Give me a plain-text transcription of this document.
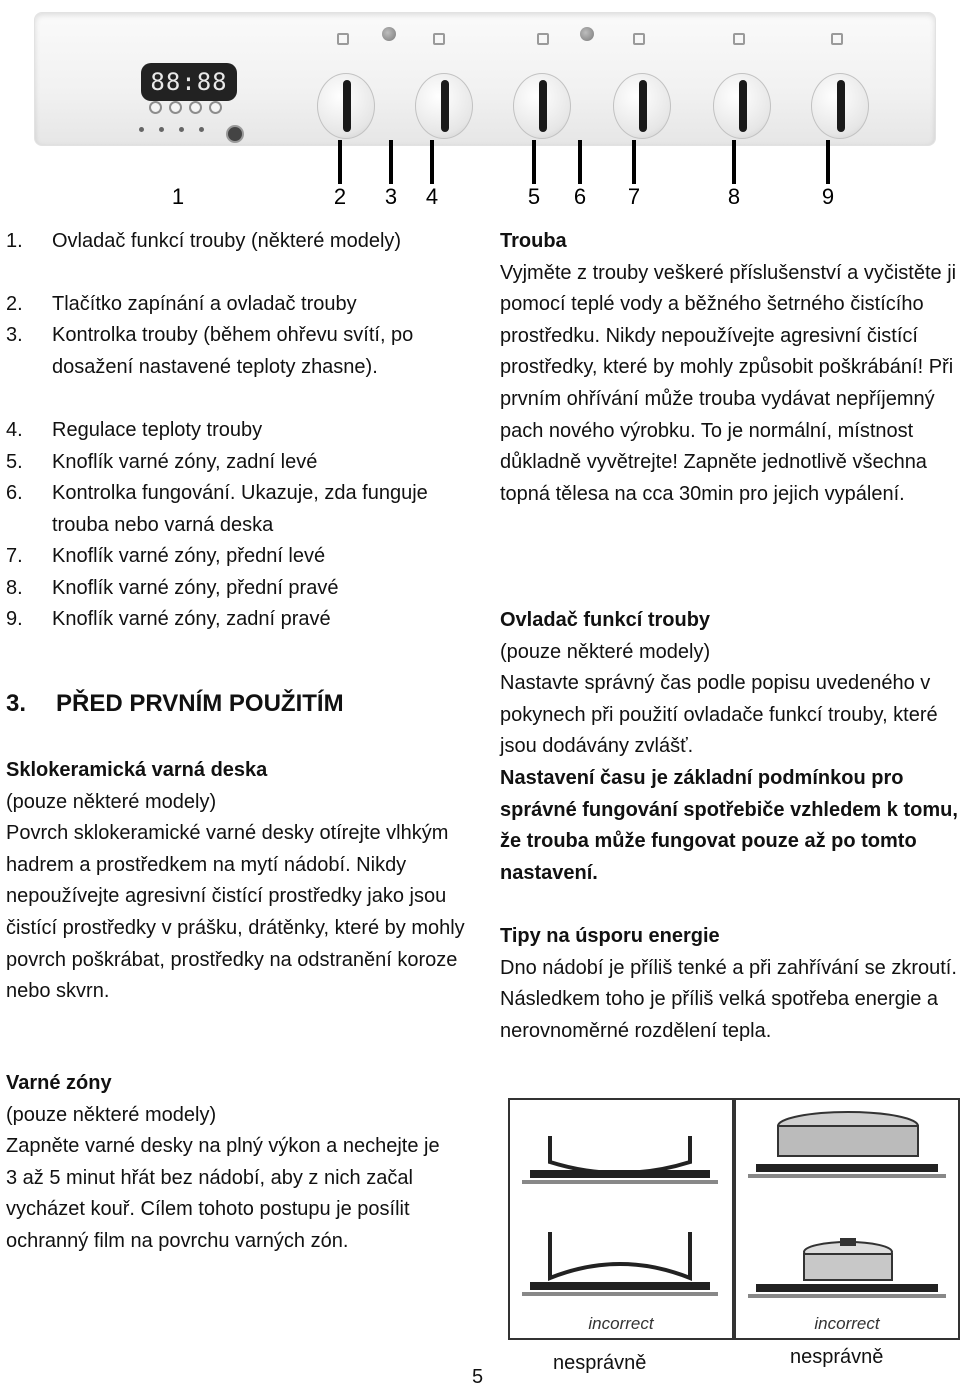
88:88
1	2 3 4	5 6 7	8	9
1. Ovladač funkcí trouby (některé modely)
2. Tlačítko zapínání a ovladač trouby
3. Kontrolka trouby (během ohřevu svítí, po dosažení nastavené teploty zhasne).
4. Regulace teploty trouby
5. Knoflík varné zóny, zadní levé
6. Kontrolka fungování. Ukazuje, zda funguje trouba nebo varná deska
7. Knoflík varné zóny, přední levé
8. Knoflík varné zóny, přední pravé
9. Knoflík varné zóny, zadní pravé
3. PŘED PRVNÍM POUŽITÍM
Sklokeramická varná deska

(pouze některé modely)

Povrch sklokeramické varné desky otírejte vlhkým hadrem a prostředkem na mytí nádobí. Nikdy nepoužívejte agresivní čistící prostředky jako jsou čistící prostředky v prášku, drátěnky, které by mohly povrch poškrábat, prostředky na odstranění koroze nebo skvrn.

Varné zóny

(pouze některé modely)

Zapněte varné desky na plný výkon a nechejte je 3 až 5 minut hřát bez nádobí, aby z nich začal vycházet kouř. Cílem tohoto postupu je posílit ochranný film na povrchu varných zón.

Trouba

Vyjměte z trouby veškeré příslušenství a vyčistěte ji pomocí teplé vody a běžného šetrného čistícího prostředku. Nikdy nepoužívejte agresivní čistící prostředky, které by mohly způsobit poškrábání! Při prvním ohřívání může trouba vydávat nepříjemný pach nového výrobku. To je normální, místnost důkladně vyvětrejte! Zapněte jednotlivě všechna topná tělesa na cca 30min pro jejich vypálení.

Ovladač funkcí trouby

(pouze některé modely)

Nastavte správný čas podle popisu uvedeného v pokynech při použití ovladače funkcí trouby, které jsou dodávány zvlášť.

Nastavení času je základní podmínkou pro správné fungování spotřebiče vzhledem k tomu, že trouba může fungovat pouze až po tomto nastavení.

Tipy na úsporu energie

Dno nádobí je příliš tenké a při zahřívání se zkroutí. Následkem toho je příliš velká spotřeba energie a nerovnoměrné rozdělení tepla.

incorrect	incorrect
nesprávně	nesprávně
5
